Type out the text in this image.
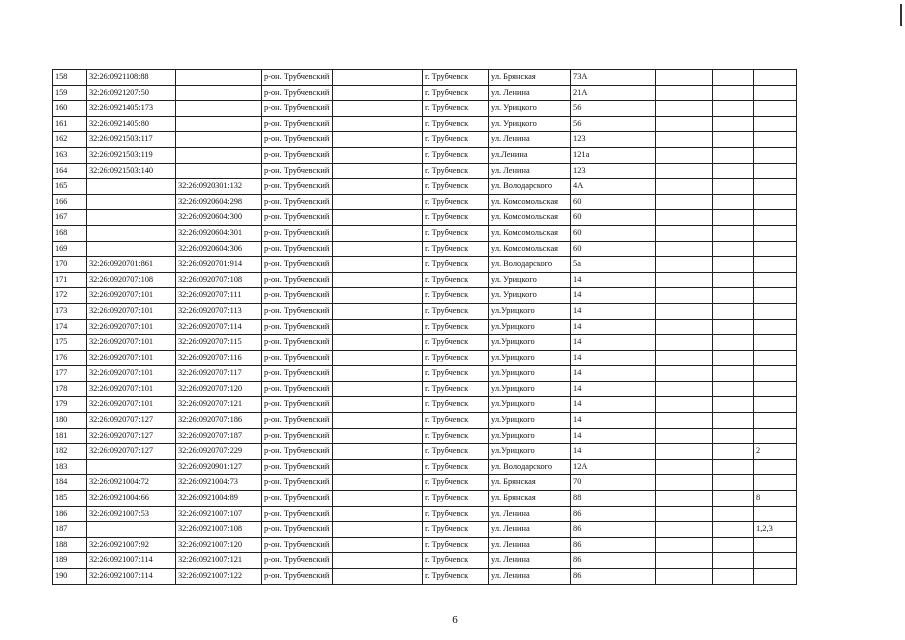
158	32:26:0921108:88		р-он. Трубчевский		г. Трубчевск	ул. Брянская	73А			
159	32:26:0921207:50		р-он. Трубчевский		г. Трубчевск	ул. Ленина	21А			
160	32:26:0921405:173		р-он. Трубчевский		г. Трубчевск	ул. Урицкого	56			
161	32:26:0921405:80		р-он. Трубчевский		г. Трубчевск	ул. Урицкого	56			
162	32:26:0921503:117		р-он. Трубчевский		г. Трубчевск	ул. Ленина	123			
163	32:26:0921503:119		р-он. Трубчевский		г. Трубчевск	ул.Ленина	121а			
164	32:26:0921503:140		р-он. Трубчевский		г. Трубчевск	ул. Ленина	123			
165		32:26:0920301:132	р-он. Трубчевский		г. Трубчевск	ул. Володарского	4А			
166		32:26:0920604:298	р-он. Трубчевский		г. Трубчевск	ул. Комсомольская	60			
167		32:26:0920604:300	р-он. Трубчевский		г. Трубчевск	ул. Комсомольская	60			
168		32:26:0920604:301	р-он. Трубчевский		г. Трубчевск	ул. Комсомольская	60			
169		32:26:0920604:306	р-он. Трубчевский		г. Трубчевск	ул. Комсомольская	60			
170	32:26:0920701:861	32:26:0920701:914	р-он. Трубчевский		г. Трубчевск	ул. Володарского	5а			
171	32:26:0920707:108	32:26:0920707:108	р-он. Трубчевский		г. Трубчевск	ул. Урицкого	14			
172	32:26:0920707:101	32:26:0920707:111	р-он. Трубчевский		г. Трубчевск	ул. Урицкого	14			
173	32:26:0920707:101	32:26:0920707:113	р-он. Трубчевский		г. Трубчевск	ул.Урицкого	14			
174	32:26:0920707:101	32:26:0920707:114	р-он. Трубчевский		г. Трубчевск	ул.Урицкого	14			
175	32:26:0920707:101	32:26:0920707:115	р-он. Трубчевский		г. Трубчевск	ул.Урицкого	14			
176	32:26:0920707:101	32:26:0920707:116	р-он. Трубчевский		г. Трубчевск	ул.Урицкого	14			
177	32:26:0920707:101	32:26:0920707:117	р-он. Трубчевский		г. Трубчевск	ул.Урицкого	14			
178	32:26:0920707:101	32:26:0920707:120	р-он. Трубчевский		г. Трубчевск	ул.Урицкого	14			
179	32:26:0920707:101	32:26:0920707:121	р-он. Трубчевский		г. Трубчевск	ул.Урицкого	14			
180	32:26:0920707:127	32:26:0920707:186	р-он. Трубчевский		г. Трубчевск	ул.Урицкого	14			
181	32:26:0920707:127	32:26:0920707:187	р-он. Трубчевский		г. Трубчевск	ул.Урицкого	14			
182	32:26:0920707:127	32:26:0920707:229	р-он. Трубчевский		г. Трубчевск	ул.Урицкого	14			2
183		32:26:0920901:127	р-он. Трубчевский		г. Трубчевск	ул. Володарского	12А			
184	32:26:0921004:72	32:26:0921004:73	р-он. Трубчевский		г. Трубчевск	ул. Брянская	70			
185	32:26:0921004:66	32:26:0921004:89	р-он. Трубчевский		г. Трубчевск	ул. Брянская	88			8
186	32:26:0921007:53	32:26:0921007:107	р-он. Трубчевский		г. Трубчевск	ул. Ленина	86			
187		32:26:0921007:108	р-он. Трубчевский		г. Трубчевск	ул. Ленина	86			1,2,3
188	32:26:0921007:92	32:26:0921007:120	р-он. Трубчевский		г. Трубчевск	ул. Ленина	86			
189	32:26:0921007:114	32:26:0921007:121	р-он. Трубчевский		г. Трубчевск	ул. Ленина	86			
190	32:26:0921007:114	32:26:0921007:122	р-он. Трубчевский		г. Трубчевск	ул. Ленина	86			
6
